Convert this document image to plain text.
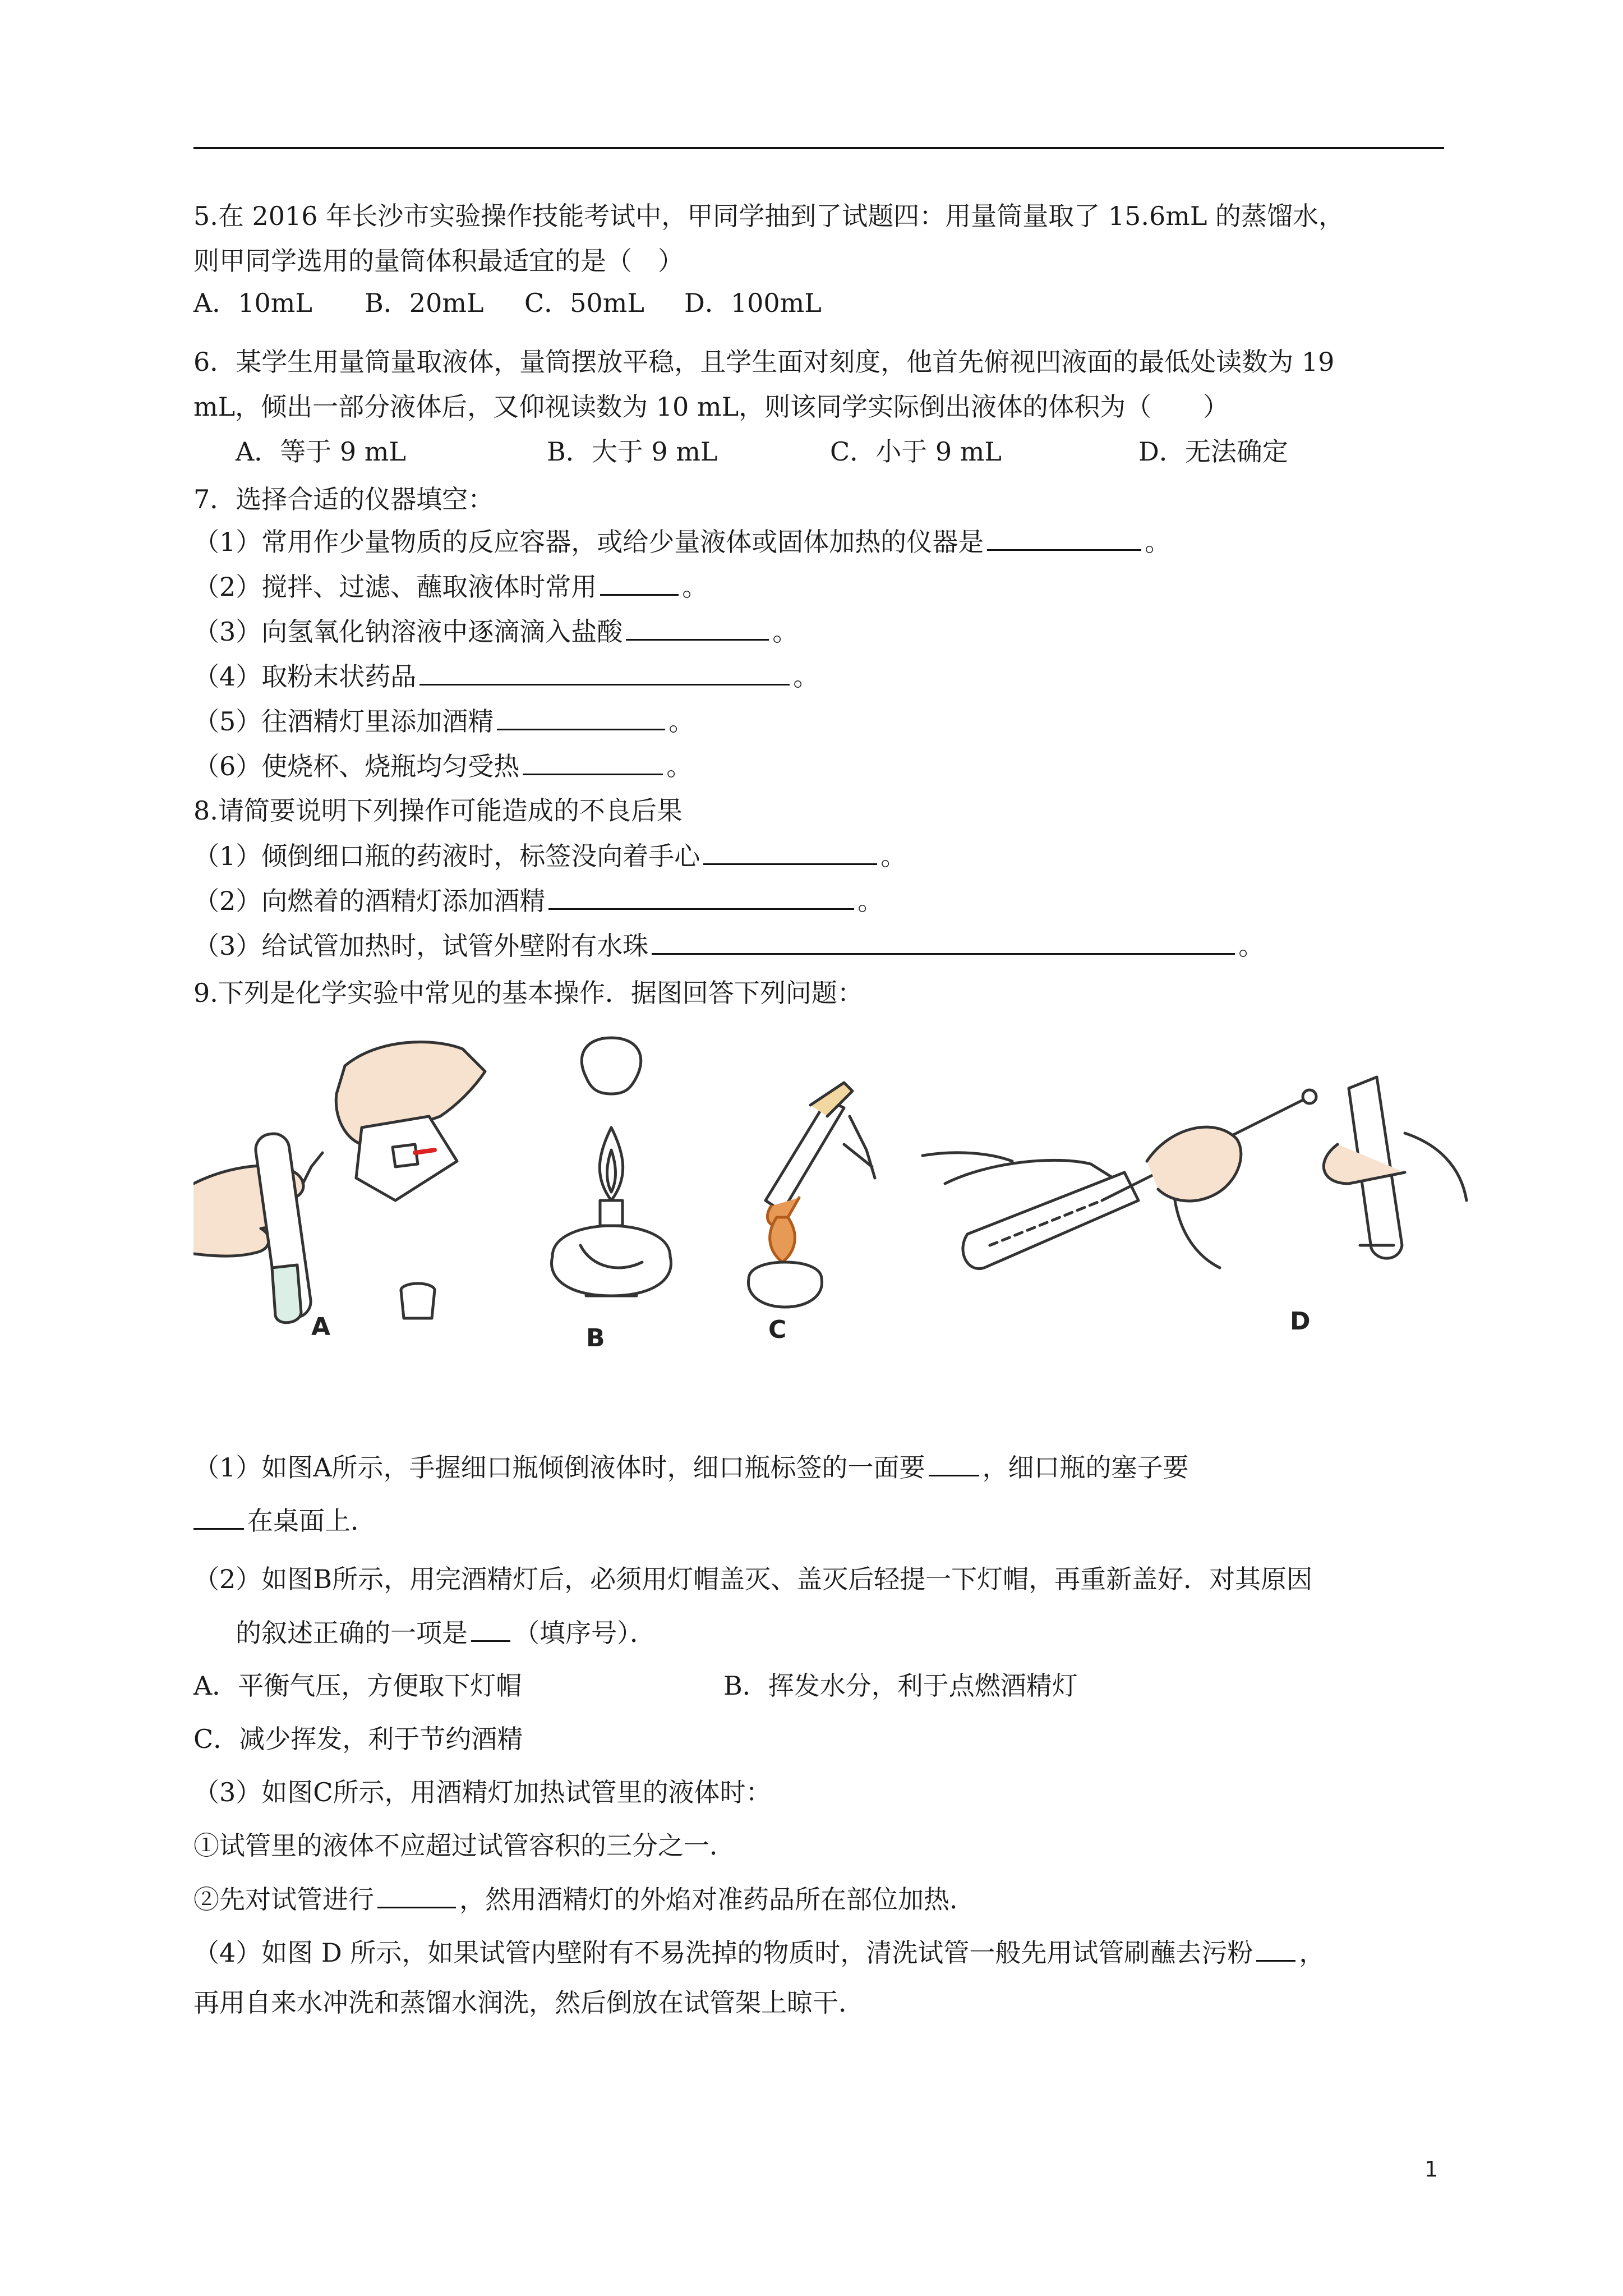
5.在 2016 年长沙市实验操作技能考试中，甲同学抽到了试题四：用量筒量取了 15.6mL 的蒸馏水，
则甲同学选用的量筒体积最适宜的是（　）
A．10mL B．20mL C．50mL D．100mL
6．某学生用量筒量取液体，量筒摆放平稳，且学生面对刻度，他首先俯视凹液面的最低处读数为 19
mL，倾出一部分液体后，又仰视读数为 10 mL，则该同学实际倒出液体的体积为（　　）
A．等于 9 mL	B．大于 9 mL	C．小于 9 mL	D．无法确定
7．选择合适的仪器填空：
（1）常用作少量物质的反应容器，或给少量液体或固体加热的仪器是	。
（2）搅拌、过滤、蘸取液体时常用	。
（3）向氢氧化钠溶液中逐滴滴入盐酸	。
（4）取粉末状药品	。
（5）往酒精灯里添加酒精	。
（6）使烧杯、烧瓶均匀受热	。
8.请简要说明下列操作可能造成的不良后果
（1）倾倒细口瓶的药液时，标签没向着手心	。
（2）向燃着的酒精灯添加酒精	。
（3）给试管加热时，试管外壁附有水珠	。
9.下列是化学实验中常见的基本操作．据图回答下列问题：
A	B	C	D
（1）如图A所示，手握细口瓶倾倒液体时，细口瓶标签的一面要 ，细口瓶的塞子要
在桌面上．
（2）如图B所示，用完酒精灯后，必须用灯帽盖灭、盖灭后轻提一下灯帽，再重新盖好．对其原因
的叙述正确的一项是 （填序号）．
A．平衡气压，方便取下灯帽	B．挥发水分，利于点燃酒精灯
C．减少挥发，利于节约酒精
（3）如图C所示，用酒精灯加热试管里的液体时：
①试管里的液体不应超过试管容积的三分之一．
②先对试管进行	，然用酒精灯的外焰对准药品所在部位加热．
（4）如图 D 所示，如果试管内壁附有不易洗掉的物质时，清洗试管一般先用试管刷蘸去污粉 ，
再用自来水冲洗和蒸馏水润洗，然后倒放在试管架上晾干．
1
